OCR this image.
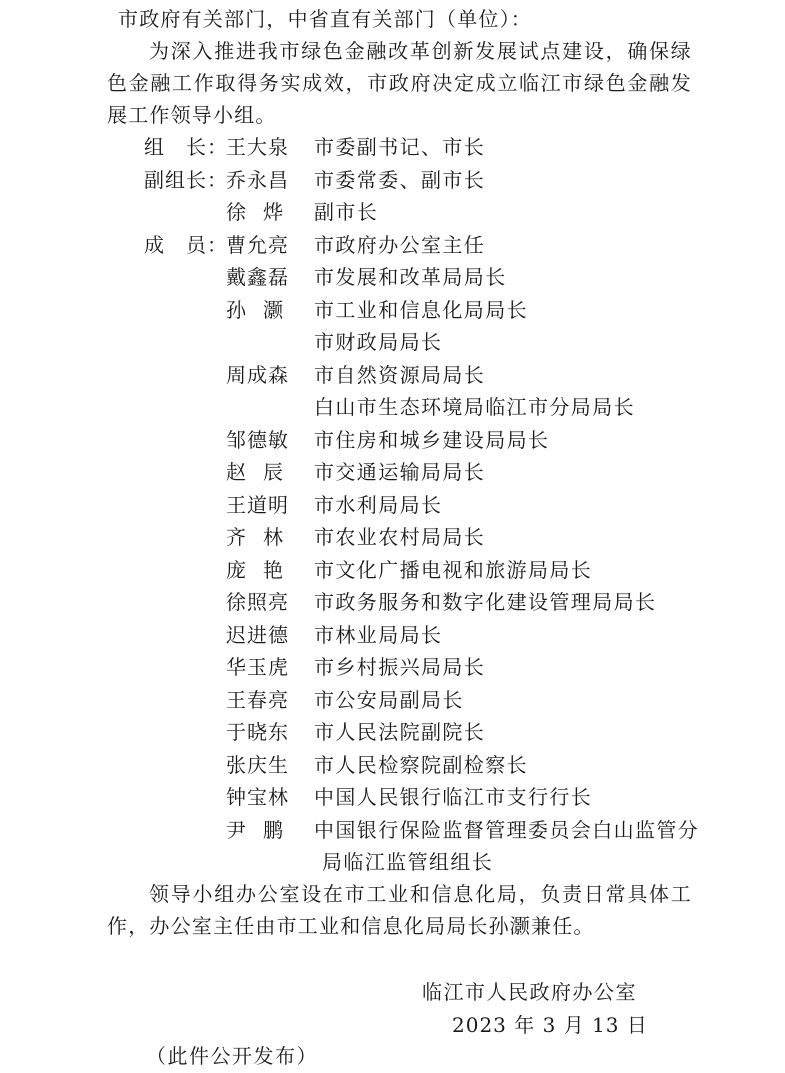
市政府有关部门，中省直有关部门（单位）：
为深入推进我市绿色金融改革创新发展试点建设，确保绿色金融工作取得务实成效，市政府决定成立临江市绿色金融发展工作领导小组。
组　长：
王大泉 市委副书记、市长
副组长：
乔永昌 市委常委、副市长
徐烨 副市长
成　员：
曹允亮 市政府办公室主任
戴鑫磊 市发展和改革局局长
孙灏 市工业和信息化局局长
市财政局局长
周成森 市自然资源局局长
白山市生态环境局临江市分局局长
邹德敏 市住房和城乡建设局局长
赵辰 市交通运输局局长
王道明 市水利局局长
齐林 市农业农村局局长
庞艳 市文化广播电视和旅游局局长
徐照亮 市政务服务和数字化建设管理局局长
迟进德 市林业局局长
华玉虎 市乡村振兴局局长
王春亮 市公安局副局长
于晓东 市人民法院副院长
张庆生 市人民检察院副检察长
钟宝林 中国人民银行临江市支行行长
尹鹏 中国银行保险监督管理委员会白山监管分
局临江监管组组长
领导小组办公室设在市工业和信息化局，负责日常具体工作，办公室主任由市工业和信息化局局长孙灏兼任。
临江市人民政府办公室
2023 年 3 月 13 日
（此件公开发布）
